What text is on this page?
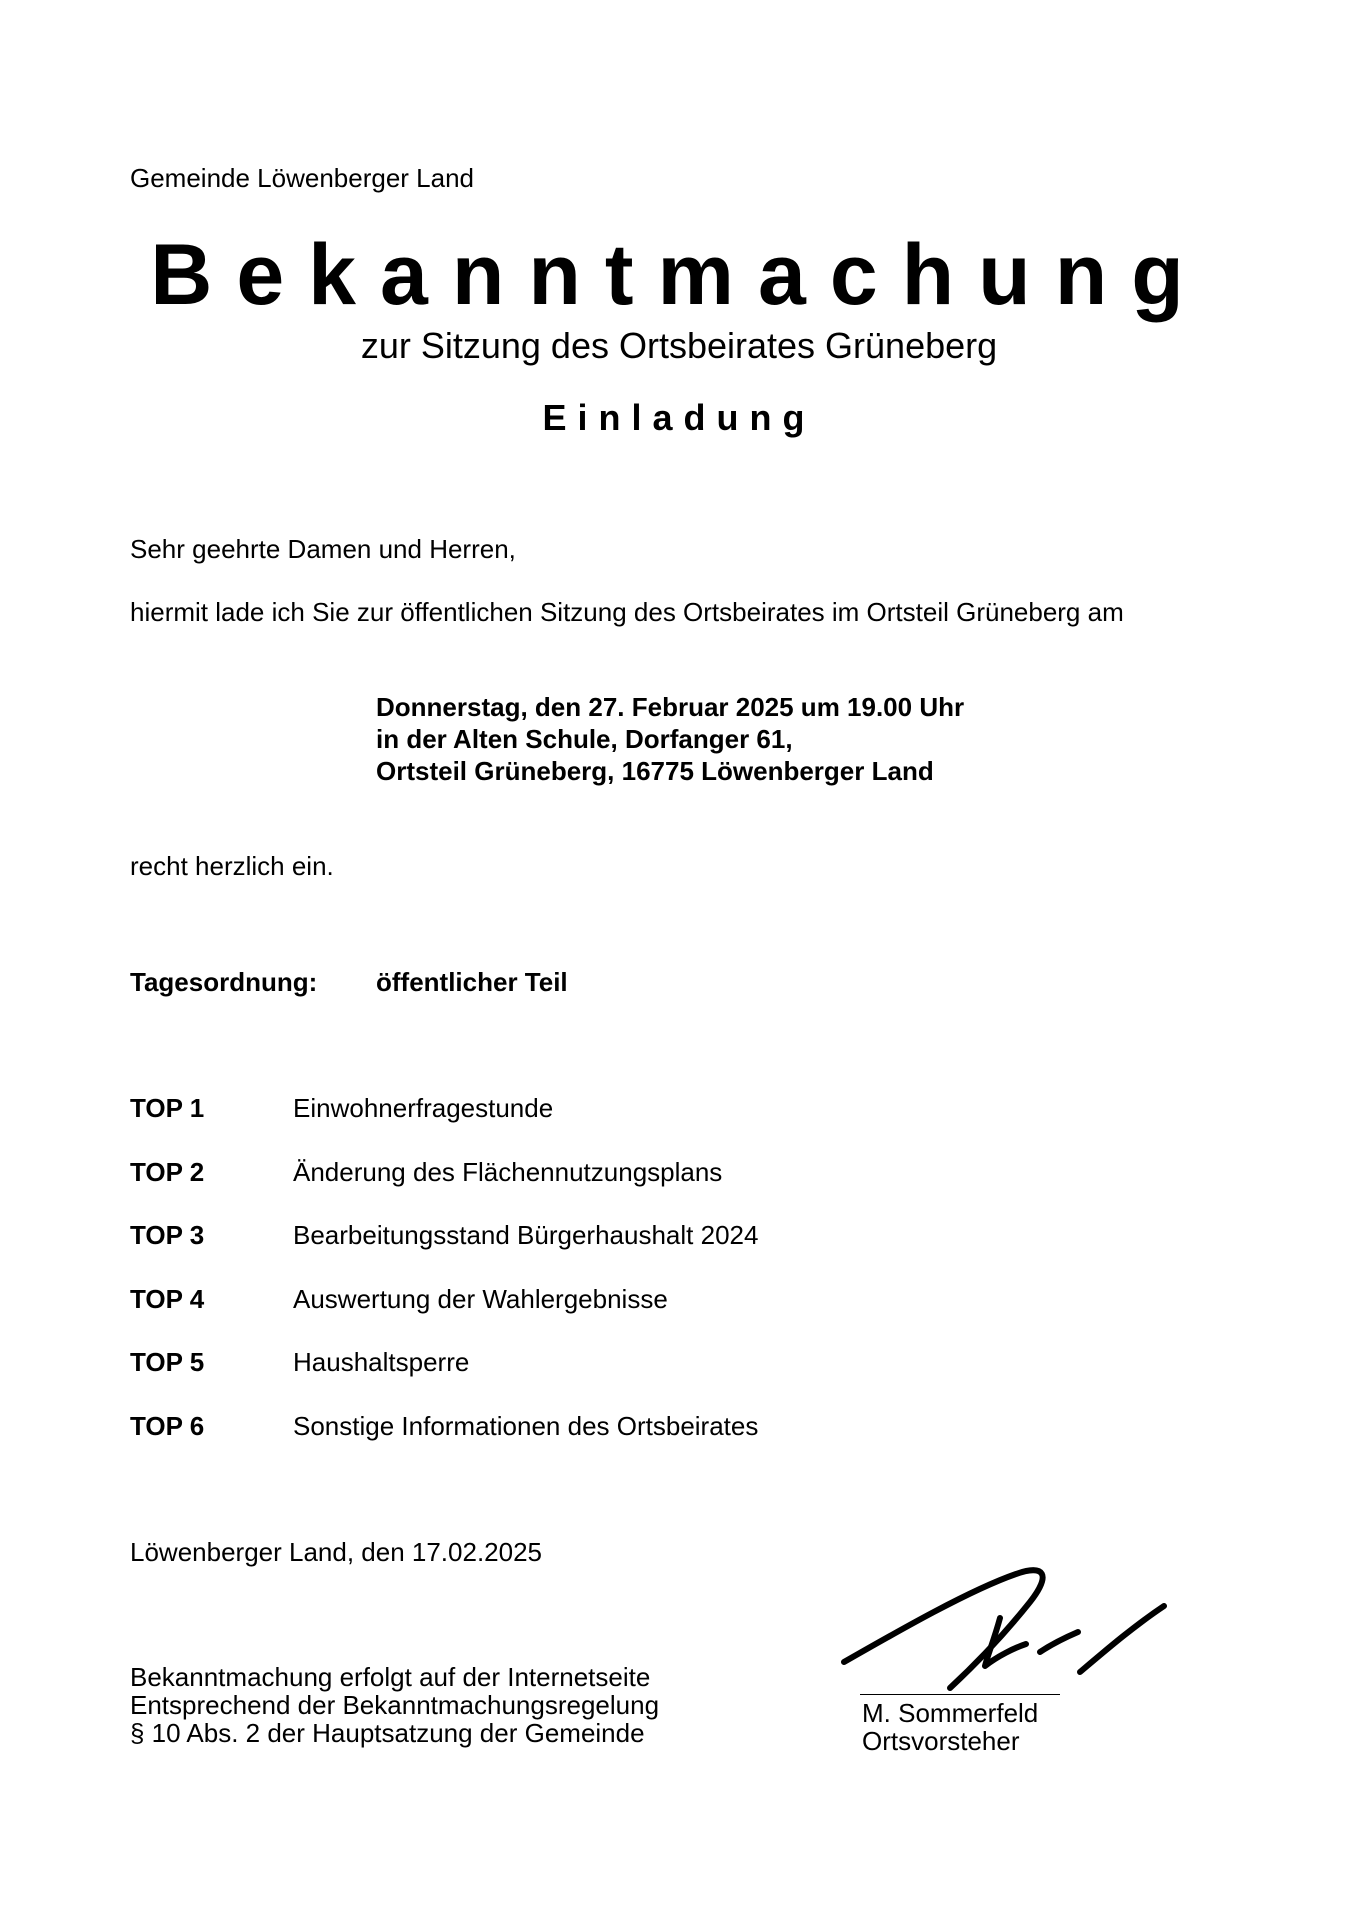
Gemeinde Löwenberger Land
Bekanntmachung
zur Sitzung des Ortsbeirates Grüneberg
Einladung
Sehr geehrte Damen und Herren,
hiermit lade ich Sie zur öffentlichen Sitzung des Ortsbeirates im Ortsteil Grüneberg am
Donnerstag, den 27. Februar 2025 um 19.00 Uhr
in der Alten Schule, Dorfanger 61,
Ortsteil Grüneberg, 16775 Löwenberger Land
recht herzlich ein.
Tagesordnung: öffentlicher Teil
TOP 1	Einwohnerfragestunde
TOP 2	Änderung des Flächennutzungsplans
TOP 3	Bearbeitungsstand Bürgerhaushalt 2024
TOP 4	Auswertung der Wahlergebnisse
TOP 5	Haushaltsperre
TOP 6	Sonstige Informationen des Ortsbeirates
Löwenberger Land, den 17.02.2025
Bekanntmachung erfolgt auf der Internetseite
Entsprechend der Bekanntmachungsregelung
§ 10 Abs. 2 der Hauptsatzung der Gemeinde
M. Sommerfeld
Ortsvorsteher
